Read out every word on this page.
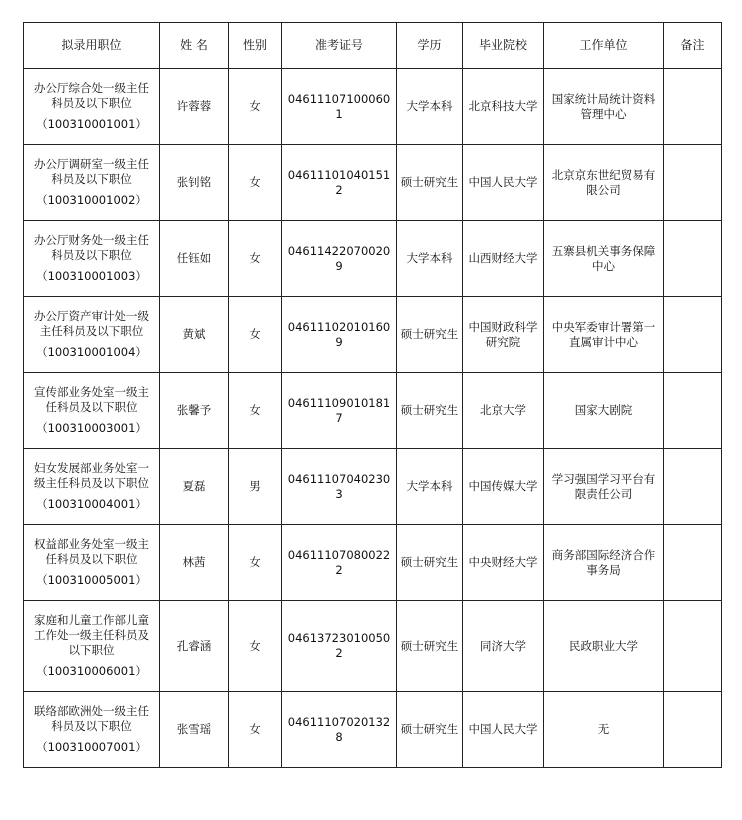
拟录用职位	姓 名	性别	准考证号	学历	毕业院校	工作单位	备注

办公厅综合处一级主任科员及以下职位
（100310001001）	许蓉蓉	女	046111071000601	大学本科	北京科技大学	国家统计局统计资料管理中心	

办公厅调研室一级主任科员及以下职位
（100310001002）	张钊铭	女	046111010401512	硕士研究生	中国人民大学	北京京东世纪贸易有限公司	

办公厅财务处一级主任科员及以下职位
（100310001003）	任钰如	女	046114220700209	大学本科	山西财经大学	五寨县机关事务保障中心	

办公厅资产审计处一级主任科员及以下职位
（100310001004）	黄斌	女	046111020101609	硕士研究生	中国财政科学研究院	中央军委审计署第一直属审计中心	

宣传部业务处室一级主任科员及以下职位
（100310003001）	张馨予	女	046111090101817	硕士研究生	北京大学	国家大剧院	

妇女发展部业务处室一级主任科员及以下职位
（100310004001）	夏磊	男	046111070402303	大学本科	中国传媒大学	学习强国学习平台有限责任公司	

权益部业务处室一级主任科员及以下职位
（100310005001）	林茜	女	046111070800222	硕士研究生	中央财经大学	商务部国际经济合作事务局	

家庭和儿童工作部儿童工作处一级主任科员及以下职位
（100310006001）	孔睿涵	女	046137230100502	硕士研究生	同济大学	民政职业大学	

联络部欧洲处一级主任科员及以下职位
（100310007001）	张雪瑶	女	046111070201328	硕士研究生	中国人民大学	无	
